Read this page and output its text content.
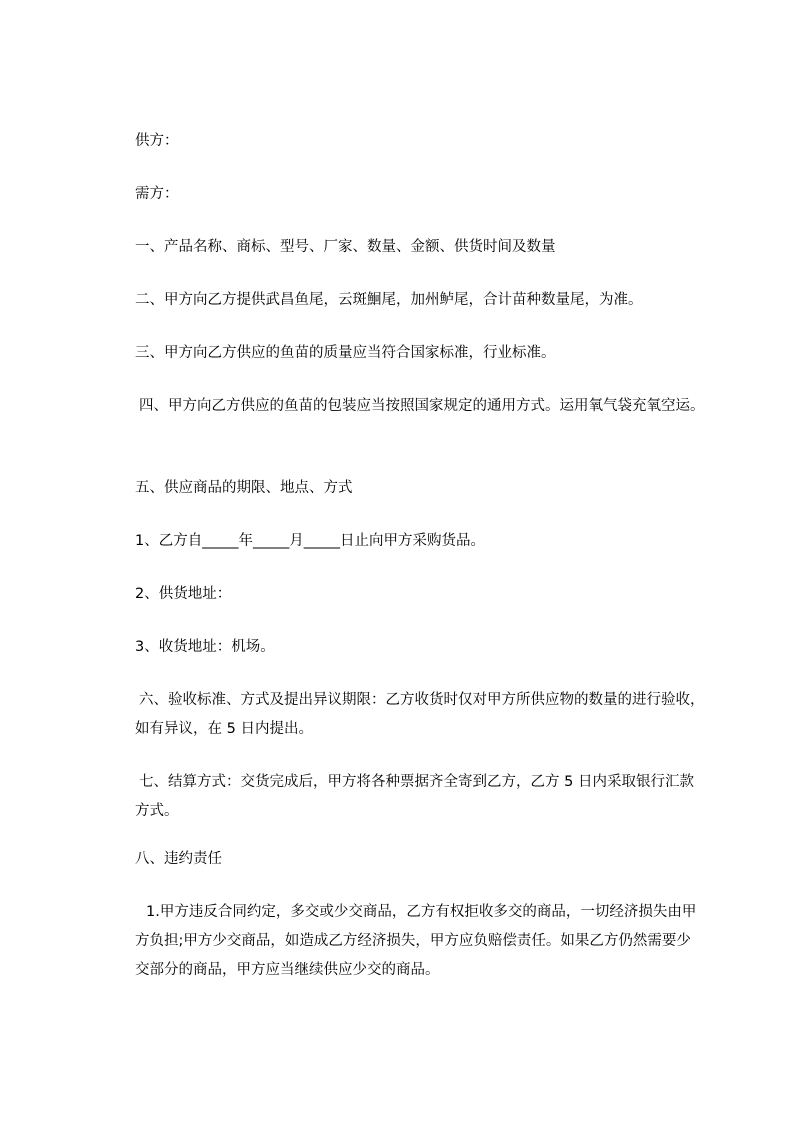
供方：

需方：

一、产品名称、商标、型号、厂家、数量、金额、供货时间及数量

二、甲方向乙方提供武昌鱼尾，云斑鮰尾，加州鲈尾，合计苗种数量尾，为准。

三、甲方向乙方供应的鱼苗的质量应当符合国家标准，行业标准。

四、甲方向乙方供应的鱼苗的包装应当按照国家规定的通用方式。运用氧气袋充氧空运。

五、供应商品的期限、地点、方式

1、乙方自_____年_____月_____日止向甲方采购货品。

2、供货地址：

3、收货地址：机场。

六、验收标准、方式及提出异议期限：乙方收货时仅对甲方所供应物的数量的进行验收，如有异议，在 5 日内提出。

七、结算方式：交货完成后，甲方将各种票据齐全寄到乙方，乙方 5 日内采取银行汇款方式。

八、违约责任

1.甲方违反合同约定，多交或少交商品，乙方有权拒收多交的商品，一切经济损失由甲方负担;甲方少交商品，如造成乙方经济损失，甲方应负赔偿责任。如果乙方仍然需要少交部分的商品，甲方应当继续供应少交的商品。
